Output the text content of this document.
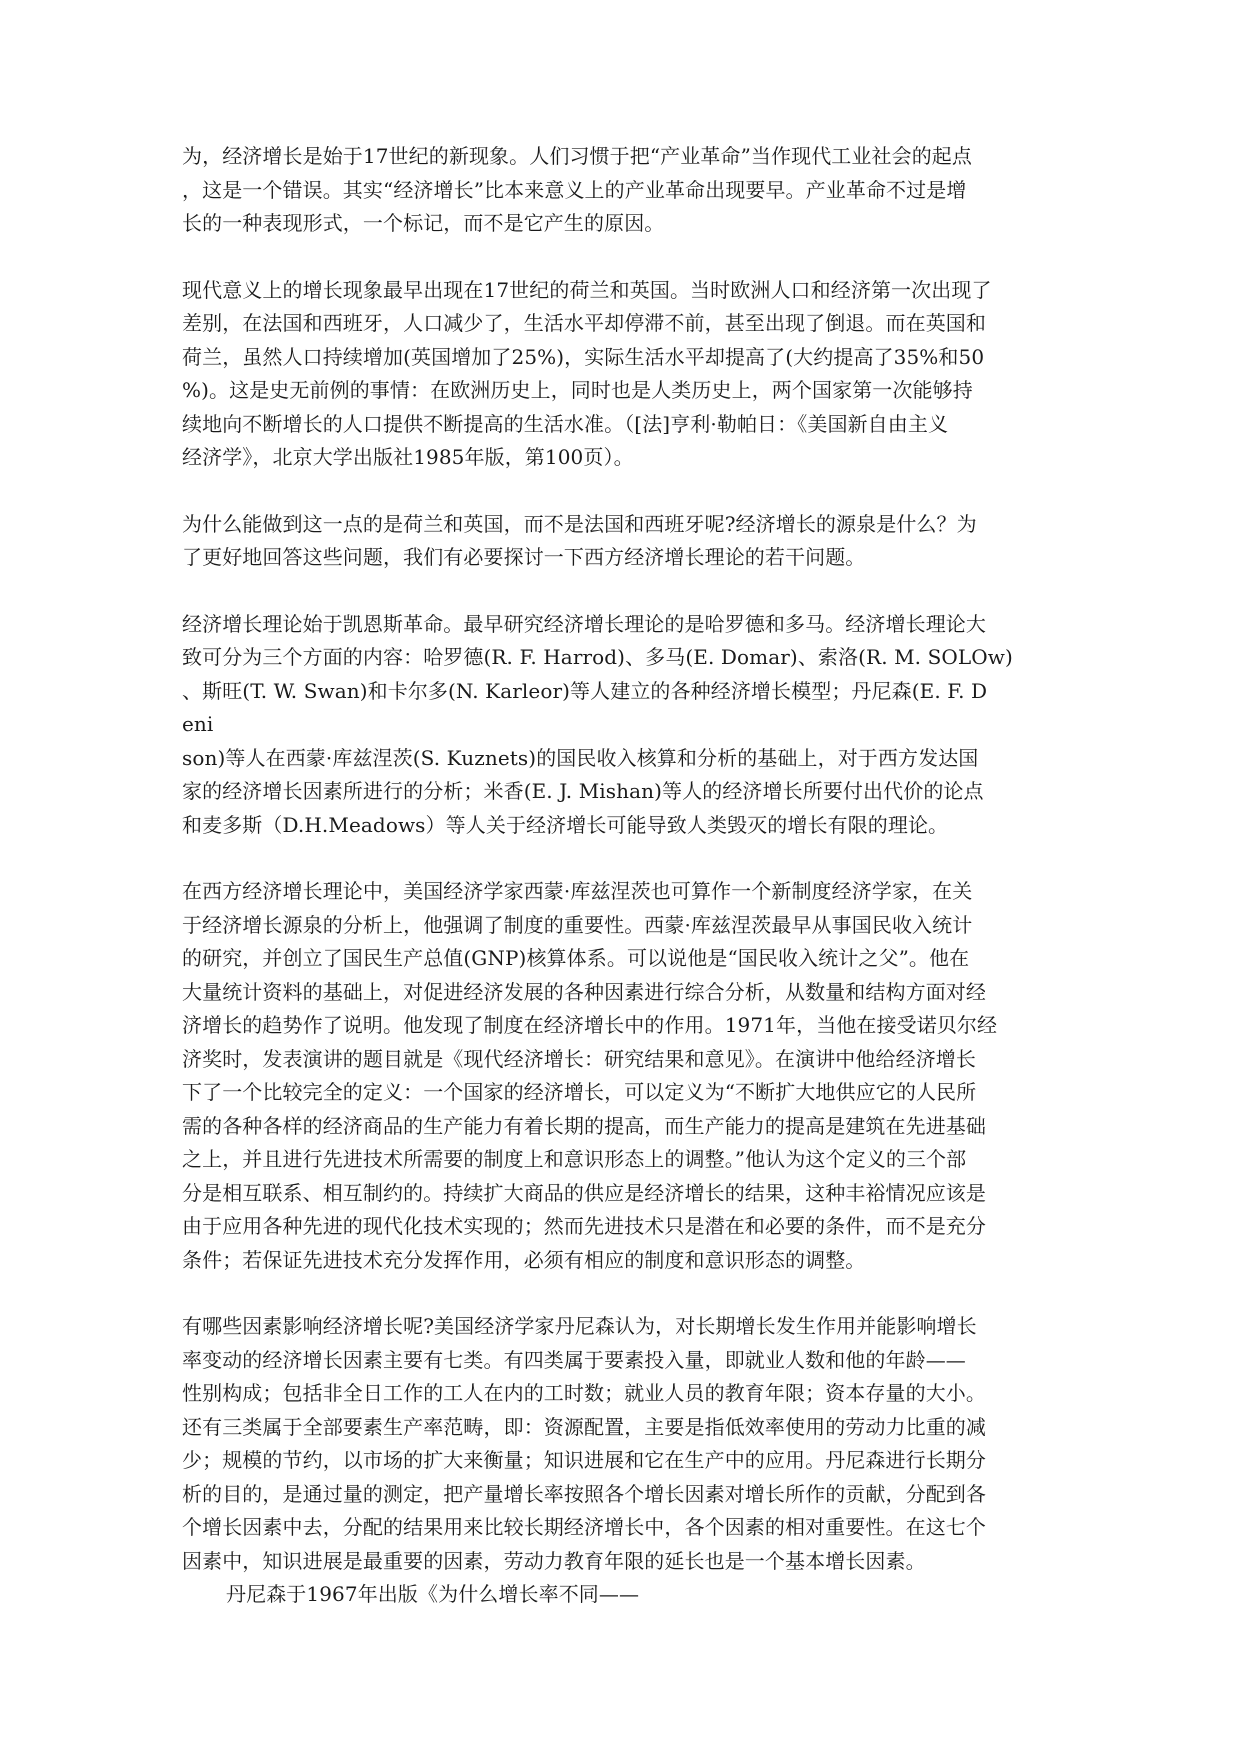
为，经济增长是始于17世纪的新现象。人们习惯于把“产业革命”当作现代工业社会的起点
，这是一个错误。其实“经济增长”比本来意义上的产业革命出现要早。产业革命不过是增
长的一种表现形式，一个标记，而不是它产生的原因。
现代意义上的增长现象最早出现在17世纪的荷兰和英国。当时欧洲人口和经济第一次出现了
差别，在法国和西班牙，人口减少了，生活水平却停滞不前，甚至出现了倒退。而在英国和
荷兰，虽然人口持续增加(英国增加了25%)，实际生活水平却提高了(大约提高了35%和50
%)。这是史无前例的事情：在欧洲历史上，同时也是人类历史上，两个国家第一次能够持
续地向不断增长的人口提供不断提高的生活水准。（[法]亨利·勒帕日：《美国新自由主义
经济学》，北京大学出版社1985年版，第100页）。
为什么能做到这一点的是荷兰和英国，而不是法国和西班牙呢?经济增长的源泉是什么？为
了更好地回答这些问题，我们有必要探讨一下西方经济增长理论的若干问题。
经济增长理论始于凯恩斯革命。最早研究经济增长理论的是哈罗德和多马。经济增长理论大
致可分为三个方面的内容：哈罗德(R. F. Harrod)、多马(E. Domar)、索洛(R. M. SOLOw)
、斯旺(T. W. Swan)和卡尔多(N. Karleor)等人建立的各种经济增长模型；丹尼森(E. F. D
eni
son)等人在西蒙·库兹涅茨(S. Kuznets)的国民收入核算和分析的基础上，对于西方发达国
家的经济增长因素所进行的分析；米香(E. J. Mishan)等人的经济增长所要付出代价的论点
和麦多斯（D.H.Meadows）等人关于经济增长可能导致人类毁灭的增长有限的理论。
在西方经济增长理论中，美国经济学家西蒙·库兹涅茨也可算作一个新制度经济学家，在关
于经济增长源泉的分析上，他强调了制度的重要性。西蒙·库兹涅茨最早从事国民收入统计
的研究，并创立了国民生产总值(GNP)核算体系。可以说他是“国民收入统计之父”。他在
大量统计资料的基础上，对促进经济发展的各种因素进行综合分析，从数量和结构方面对经
济增长的趋势作了说明。他发现了制度在经济增长中的作用。1971年，当他在接受诺贝尔经
济奖时，发表演讲的题目就是《现代经济增长：研究结果和意见》。在演讲中他给经济增长
下了一个比较完全的定义：一个国家的经济增长，可以定义为“不断扩大地供应它的人民所
需的各种各样的经济商品的生产能力有着长期的提高，而生产能力的提高是建筑在先进基础
之上，并且进行先进技术所需要的制度上和意识形态上的调整。”他认为这个定义的三个部
分是相互联系、相互制约的。持续扩大商品的供应是经济增长的结果，这种丰裕情况应该是
由于应用各种先进的现代化技术实现的；然而先进技术只是潜在和必要的条件，而不是充分
条件；若保证先进技术充分发挥作用，必须有相应的制度和意识形态的调整。
有哪些因素影响经济增长呢?美国经济学家丹尼森认为，对长期增长发生作用并能影响增长
率变动的经济增长因素主要有七类。有四类属于要素投入量，即就业人数和他的年龄——
性别构成；包括非全日工作的工人在内的工时数；就业人员的教育年限；资本存量的大小。
还有三类属于全部要素生产率范畴，即：资源配置，主要是指低效率使用的劳动力比重的减
少；规模的节约，以市场的扩大来衡量；知识进展和它在生产中的应用。丹尼森进行长期分
析的目的，是通过量的测定，把产量增长率按照各个增长因素对增长所作的贡献，分配到各
个增长因素中去，分配的结果用来比较长期经济增长中，各个因素的相对重要性。在这七个
因素中，知识进展是最重要的因素，劳动力教育年限的延长也是一个基本增长因素。
丹尼森于1967年出版《为什么增长率不同——
